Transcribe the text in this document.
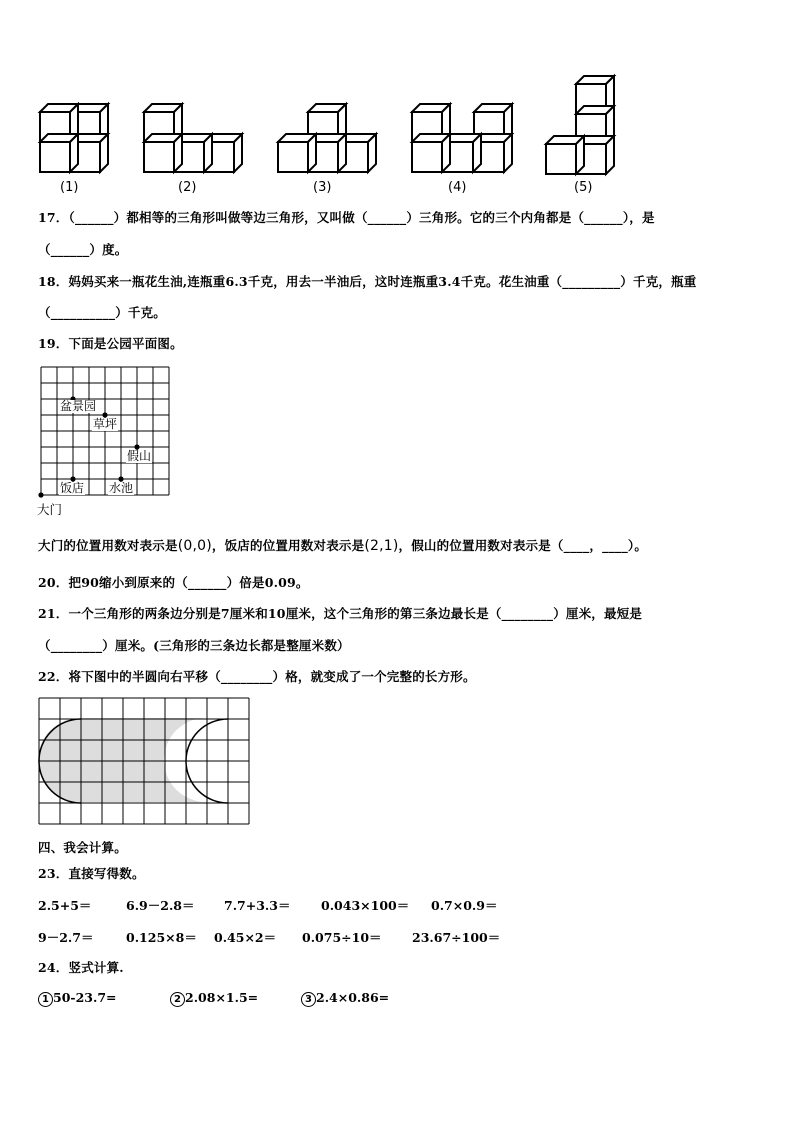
(1)	(2)	(3)	(4)	(5)
17．（______）都相等的三角形叫做等边三角形，又叫做（______）三角形。它的三个内角都是（______），是
（______）度。
18．妈妈买来一瓶花生油,连瓶重6.3千克，用去一半油后，这时连瓶重3.4千克。花生油重（_________）千克，瓶重
（__________）千克。
19．下面是公园平面图。
盆景园
草坪
假山
饭店 水池
大门
大门的位置用数对表示是(0,0)，饭店的位置用数对表示是(2,1)，假山的位置用数对表示是（____，____）。
20．把90缩小到原来的（______）倍是0.09。
21．一个三角形的两条边分别是7厘米和10厘米，这个三角形的第三条边最长是（________）厘米，最短是
（________）厘米。(三角形的三条边长都是整厘米数）
22．将下图中的半圆向右平移（________）格，就变成了一个完整的长方形。
四、我会计算。
23．直接写得数。
2.5+5＝	6.9－2.8＝ 7.7+3.3＝ 0.043×100＝ 0.7×0.9＝
9－2.7＝	0.125×8＝ 0.45×2＝ 0.075÷10＝ 23.67÷100＝
24．竖式计算.
1 50-23.7=	2 2.08×1.5=	3 2.4×0.86=
